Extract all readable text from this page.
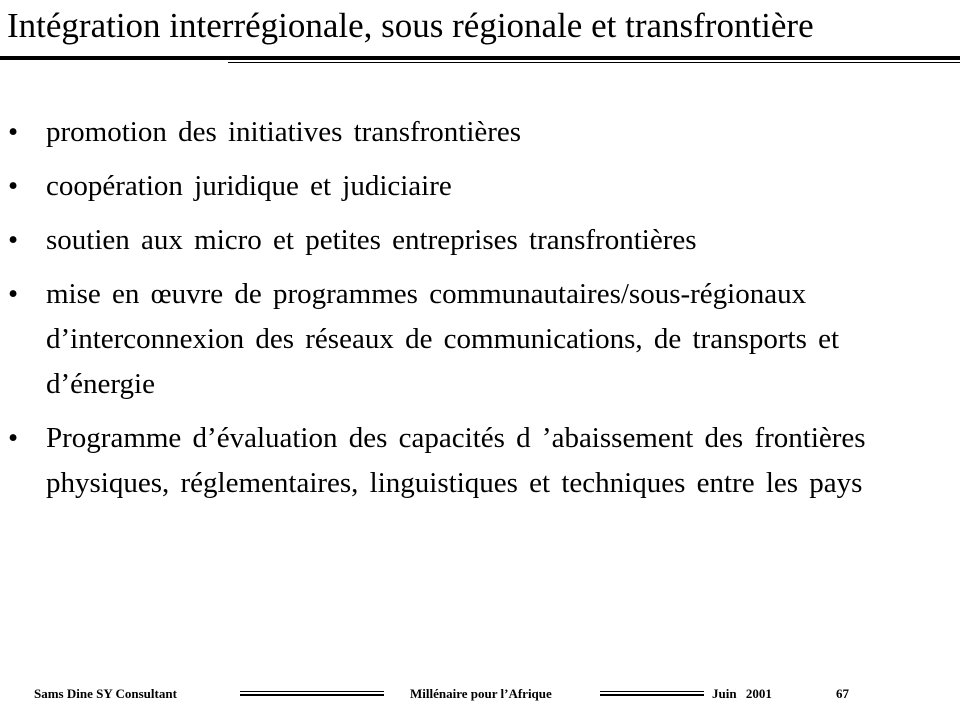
Intégration interrégionale, sous régionale et transfrontière
• promotion des initiatives transfrontières
• coopération juridique et judiciaire
• soutien aux micro et petites entreprises transfrontières
• mise en œuvre de programmes communautaires/sous-régionaux d’interconnexion des réseaux de communications, de transports et d’énergie
• Programme d’évaluation des capacités d ’abaissement des frontières physiques, réglementaires, linguistiques et techniques entre les pays
Sams Dine SY Consultant	Millénaire pour l’Afrique	Juin 2001	67
